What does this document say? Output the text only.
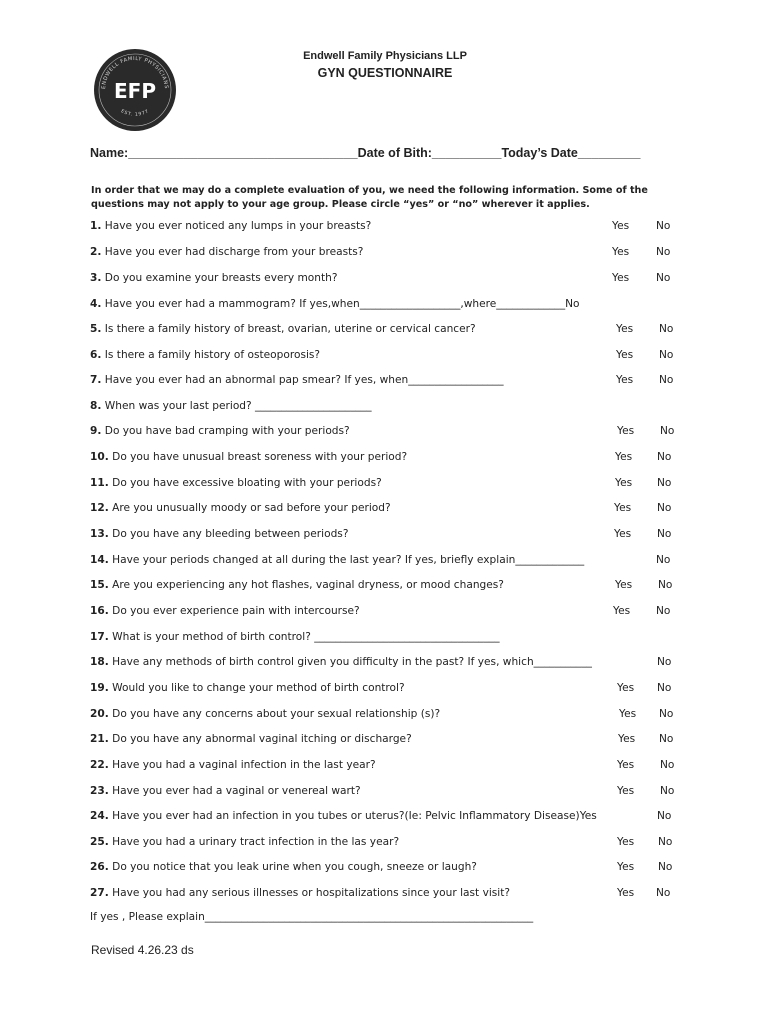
ENDWELL FAMILY PHYSICIANS
EST. 1977
EFP
Endwell Family Physicians LLP
GYN QUESTIONNAIRE
Name:_________________________________Date of Bith:__________Today’s Date_________
In order that we may do a complete evaluation of you, we need the following information. Some of the questions may not apply to your age group. Please circle “yes” or “no” wherever it applies.
1. Have you ever noticed any lumps in your breasts?	Yes	No
2. Have you ever had discharge from your breasts?	Yes	No
3. Do you examine your breasts every month?	Yes	No
4. Have you ever had a mammogram? If yes,when___________________,where_____________No
5. Is there a family history of breast, ovarian, uterine or cervical cancer?	Yes No
6. Is there a family history of osteoporosis?	Yes No
7. Have you ever had an abnormal pap smear? If yes, when__________________	Yes No
8. When was your last period? ______________________
9. Do you have bad cramping with your periods?	Yes No
10. Do you have unusual breast soreness with your period?	Yes No
11. Do you have excessive bloating with your periods?	Yes No
12. Are you unusually moody or sad before your period?	Yes No
13. Do you have any bleeding between periods?	Yes No
14. Have your periods changed at all during the last year? If yes, briefly explain_____________	No
15. Are you experiencing any hot flashes, vaginal dryness, or mood changes?	Yes No
16. Do you ever experience pain with intercourse?	Yes No
17. What is your method of birth control? ___________________________________
18. Have any methods of birth control given you difficulty in the past? If yes, which___________	No
19. Would you like to change your method of birth control?	Yes No
20. Do you have any concerns about your sexual relationship (s)?	Yes No
21. Do you have any abnormal vaginal itching or discharge?	Yes No
22. Have you had a vaginal infection in the last year?	Yes No
23. Have you ever had a vaginal or venereal wart?	Yes No
24. Have you ever had an infection in you tubes or uterus?(Ie: Pelvic Inflammatory Disease)Yes	No
25. Have you had a urinary tract infection in the las year?	Yes No
26. Do you notice that you leak urine when you cough, sneeze or laugh?	Yes No
27. Have you had any serious illnesses or hospitalizations since your last visit?	Yes No
If yes , Please explain______________________________________________________________
Revised 4.26.23 ds
